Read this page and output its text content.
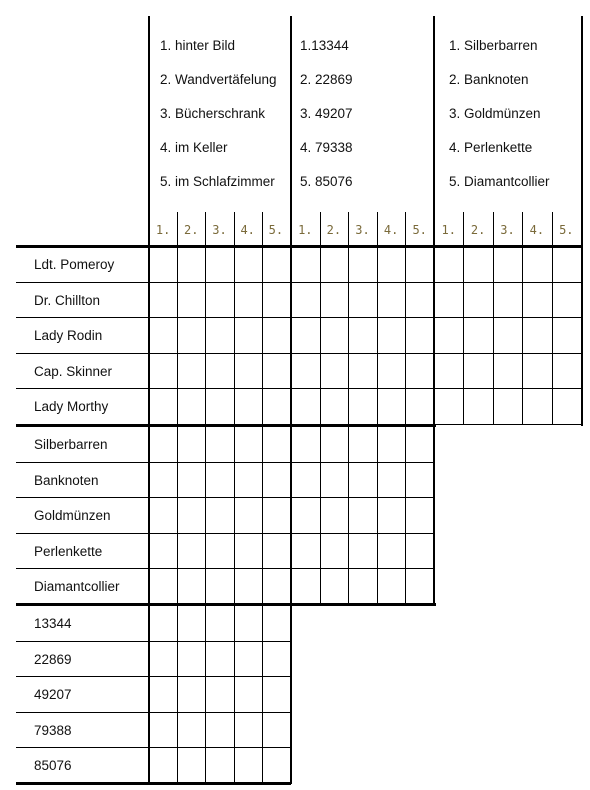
1. hinter Bild
2. Wandvertäfelung
3. Bücherschrank
4. im Keller
5. im Schlafzimmer
1.	2.	3.	4.	5.
1.13344
2. 22869
3. 49207
4. 79338
5. 85076
1.	2.	3.	4.	5.
1. Silberbarren
2. Banknoten
3. Goldmünzen
4. Perlenkette
5. Diamantcollier
1.	2.	3.	4.	5.
Ldt. Pomeroy
Dr. Chillton
Lady Rodin
Cap. Skinner
Lady Morthy
Silberbarren
Banknoten
Goldmünzen
Perlenkette
Diamantcollier
13344
22869
49207
79388
85076
